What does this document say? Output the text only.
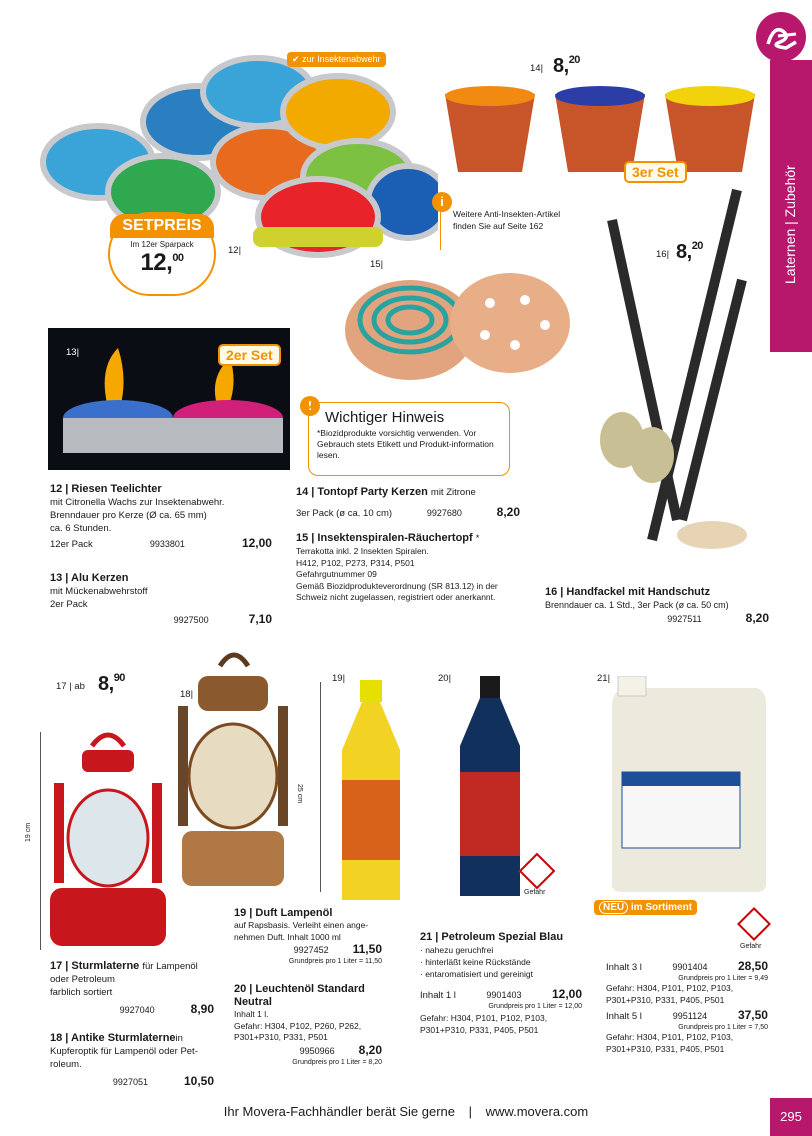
Laternen | Zubehör
✔ zur Insektenabwehr
SETPREIS
Im 12er Sparpack
12,00
12|
14| 8,20
3er Set
i
Weitere Anti-Insekten-Artikel finden Sie auf Seite 162
15|
13|	2er Set
!
Wichtiger Hinweis
*Biozidprodukte vorsichtig verwenden. Vor Gebrauch stets Etikett und Produkt-information lesen.
16| 8,20
12 | Riesen Teelichter
mit Citronella Wachs zur Insektenabwehr.
Brenndauer pro Kerze (Ø ca. 65 mm)
ca. 6 Stunden.
12er Pack	9933801	12,00
13 | Alu Kerzen
mit Mückenabwehrstoff
2er Pack
9927500	7,10
14 | Tontopf Party Kerzen mit Zitrone
3er Pack (ø ca. 10 cm)	9927680	8,20
15 | Insektenspiralen-Räuchertopf *
Terrakotta inkl. 2 Insekten Spiralen.
H412, P102, P273, P314, P501
Gefahrgutnummer 09
Gemäß Biozidprodukteverordnung (SR 813.12) in der Schweiz nicht zugelassen, registriert oder anerkannt.	16 | Handfackel mit Handschutz
Brenndauer ca. 1 Std., 3er Pack (ø ca. 50 cm)
9927511	8,20
17 | ab 8,90
19 cm
18|
19|
25 cm
20|
Gefahr
21|
NEU im Sortiment
Gefahr
17 | Sturmlaterne für Lampenöl oder Petroleum
farblich sortiert
9927040	8,90
18 | Antike Sturmlaternein Kupferoptik für Lampenöl oder Pet-roleum.
9927051	10,50
19 | Duft Lampenöl
auf Rapsbasis. Verleiht einen ange-nehmen Duft. Inhalt 1000 ml
9927452 11,50
Grundpreis pro 1 Liter = 11,50
20 | Leuchtenöl Standard Neutral
Inhalt 1 l.
Gefahr: H304, P102, P260, P262, P301+P310, P331, P501
9950966 8,20
Grundpreis pro 1 Liter = 8,20
21 | Petroleum Spezial Blau
· nahezu geruchfrei
· hinterläßt keine Rückstände
· entaromatisiert und gereinigt
Inhalt 1 l	9901403	12,00
Grundpreis pro 1 Liter = 12,00
Gefahr: H304, P101, P102, P103, P301+P310, P331, P405, P501
Inhalt 3 l	9901404	28,50
Grundpreis pro 1 Liter = 9,49
Gefahr: H304, P101, P102, P103, P301+P310, P331, P405, P501
Inhalt 5 l	9951124	37,50
Grundpreis pro 1 Liter = 7,50
Gefahr: H304, P101, P102, P103, P301+P310, P331, P405, P501
Ihr Movera-Fachhändler berät Sie gerne | www.movera.com	295
